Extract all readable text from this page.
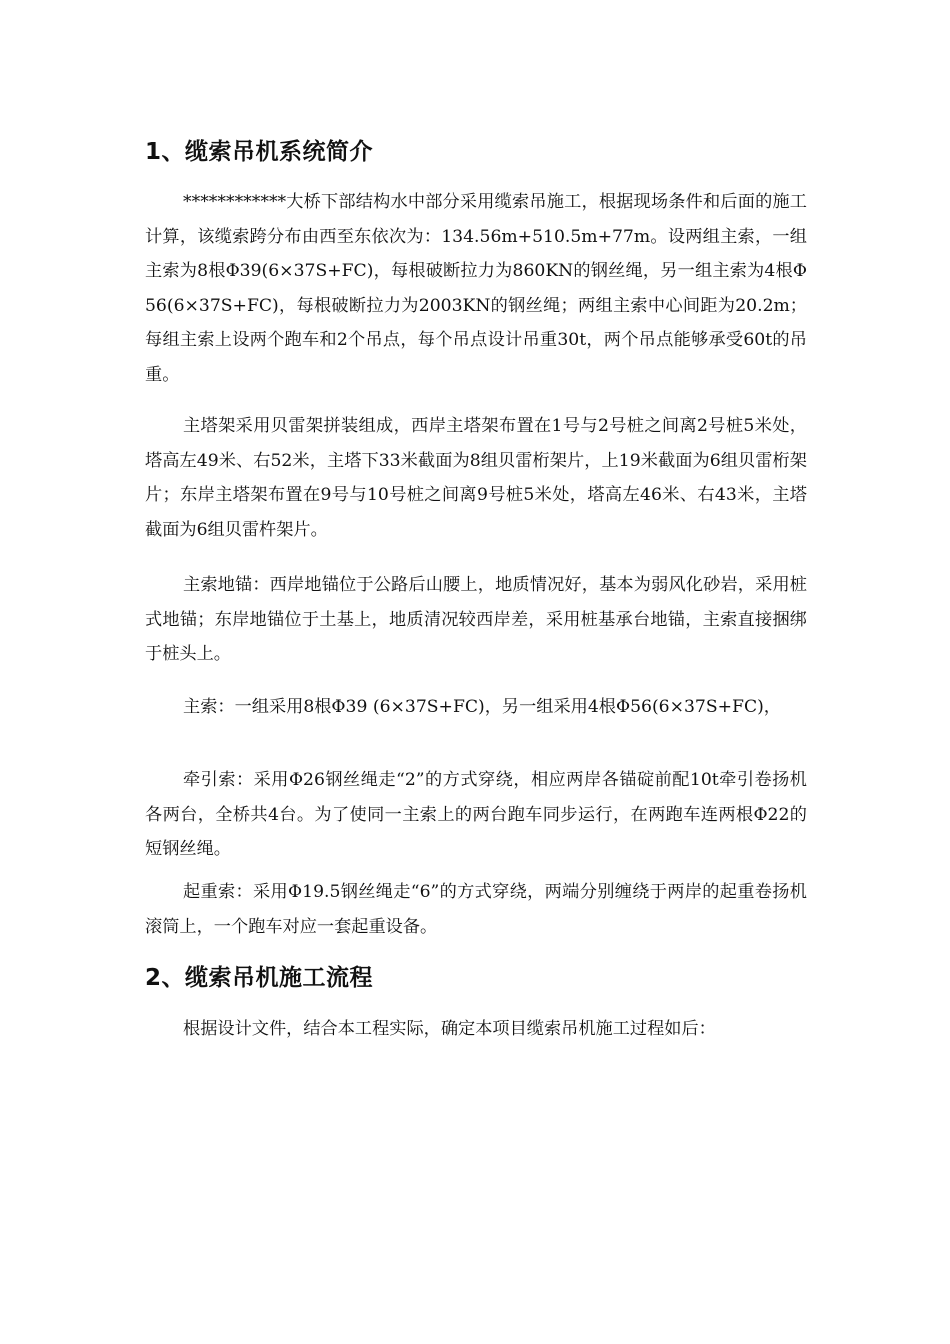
1、缆索吊机系统简介

************大桥下部结构水中部分采用缆索吊施工，根据现场条件和后面的施工计算，该缆索跨分布由西至东依次为：134.56m+510.5m+77m。设两组主索，一组主索为8根Φ39(6×37S+FC)，每根破断拉力为860KN的钢丝绳，另一组主索为4根Φ56(6×37S+FC)，每根破断拉力为2003KN的钢丝绳；两组主索中心间距为20.2m；每组主索上设两个跑车和2个吊点，每个吊点设计吊重30t，两个吊点能够承受60t的吊重。

主塔架采用贝雷架拼装组成，西岸主塔架布置在1号与2号桩之间离2号桩5米处，塔高左49米、右52米，主塔下33米截面为8组贝雷桁架片，上19米截面为6组贝雷桁架片；东岸主塔架布置在9号与10号桩之间离9号桩5米处，塔高左46米、右43米，主塔截面为6组贝雷杵架片。

主索地锚：西岸地锚位于公路后山腰上，地质情况好，基本为弱风化砂岩，采用桩式地锚；东岸地锚位于土基上，地质清况较西岸差，采用桩基承台地锚，主索直接捆绑于桩头上。

主索：一组采用8根Φ39 (6×37S+FC)，另一组采用4根Φ56(6×37S+FC)，

牵引索：采用Φ26钢丝绳走“2”的方式穿绕，相应两岸各锚碇前配10t牵引卷扬机各两台，全桥共4台。为了使同一主索上的两台跑车同步运行，在两跑车连两根Φ22的短钢丝绳。

起重索：采用Φ19.5钢丝绳走“6”的方式穿绕，两端分别缠绕于两岸的起重卷扬机滚筒上，一个跑车对应一套起重设备。

2、缆索吊机施工流程

根据设计文件，结合本工程实际，确定本项目缆索吊机施工过程如后：
